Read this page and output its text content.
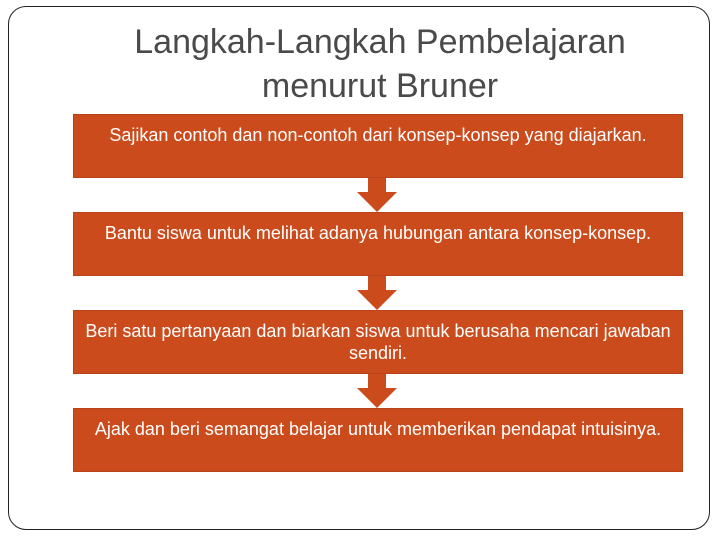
Langkah-Langkah Pembelajaran
menurut Bruner
Sajikan contoh dan non-contoh dari konsep-konsep yang diajarkan.
Bantu siswa untuk melihat adanya hubungan antara konsep-konsep.
Beri satu pertanyaan dan biarkan siswa untuk berusaha mencari jawaban sendiri.
Ajak dan beri semangat belajar untuk memberikan pendapat intuisinya.
